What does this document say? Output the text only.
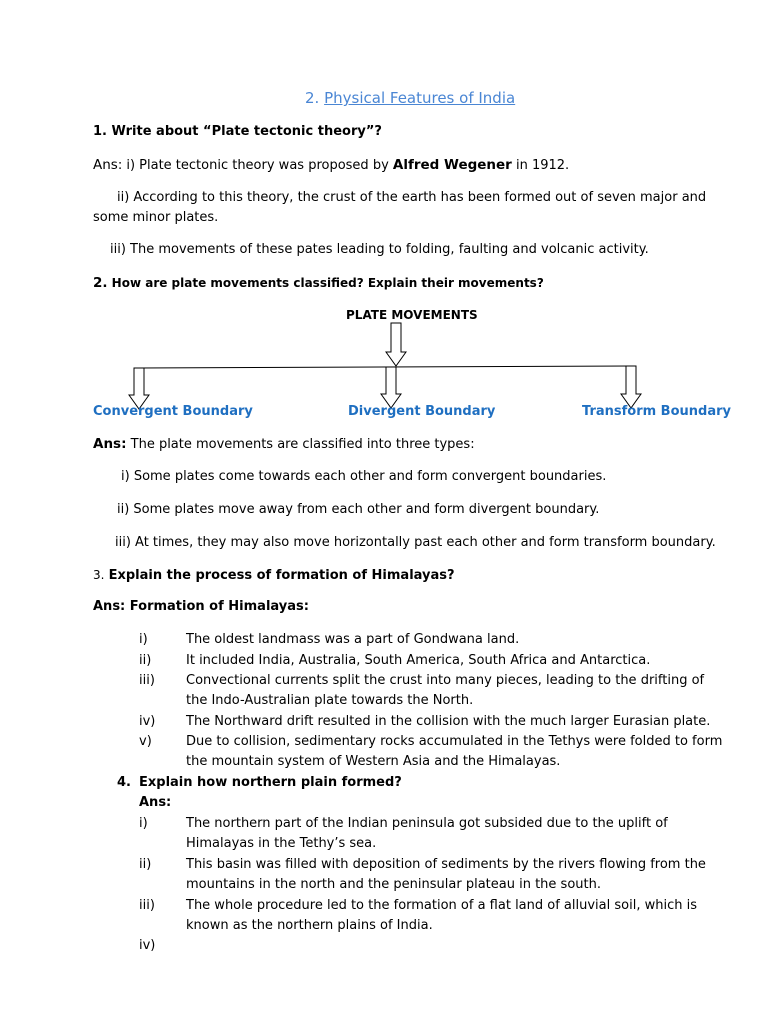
2. Physical Features of India
1. Write about “Plate tectonic theory”?
Ans: i) Plate tectonic theory was proposed by Alfred Wegener in 1912.
ii) According to this theory, the crust of the earth has been formed out of seven major and
some minor plates.
iii) The movements of these pates leading to folding, faulting and volcanic activity.
2. How are plate movements classified? Explain their movements?
PLATE MOVEMENTS
Convergent Boundary	Divergent Boundary	Transform Boundary
Ans: The plate movements are classified into three types:
i) Some plates come towards each other and form convergent boundaries.
ii) Some plates move away from each other and form divergent boundary.
iii) At times, they may also move horizontally past each other and form transform boundary.
3. Explain the process of formation of Himalayas?
Ans: Formation of Himalayas:
i)	The oldest landmass was a part of Gondwana land.
ii)	It included India, Australia, South America, South Africa and Antarctica.
iii) Convectional currents split the crust into many pieces, leading to the drifting of the Indo-Australian plate towards the North.
iv) The Northward drift resulted in the collision with the much larger Eurasian plate.
v)	Due to collision, sedimentary rocks accumulated in the Tethys were folded to form the mountain system of Western Asia and the Himalayas.
4. Explain how northern plain formed?
Ans:
i)	The northern part of the Indian peninsula got subsided due to the uplift of Himalayas in the Tethy’s sea.
ii)	This basin was filled with deposition of sediments by the rivers flowing from the mountains in the north and the peninsular plateau in the south.
iii) The whole procedure led to the formation of a flat land of alluvial soil, which is known as the northern plains of India.
iv)
